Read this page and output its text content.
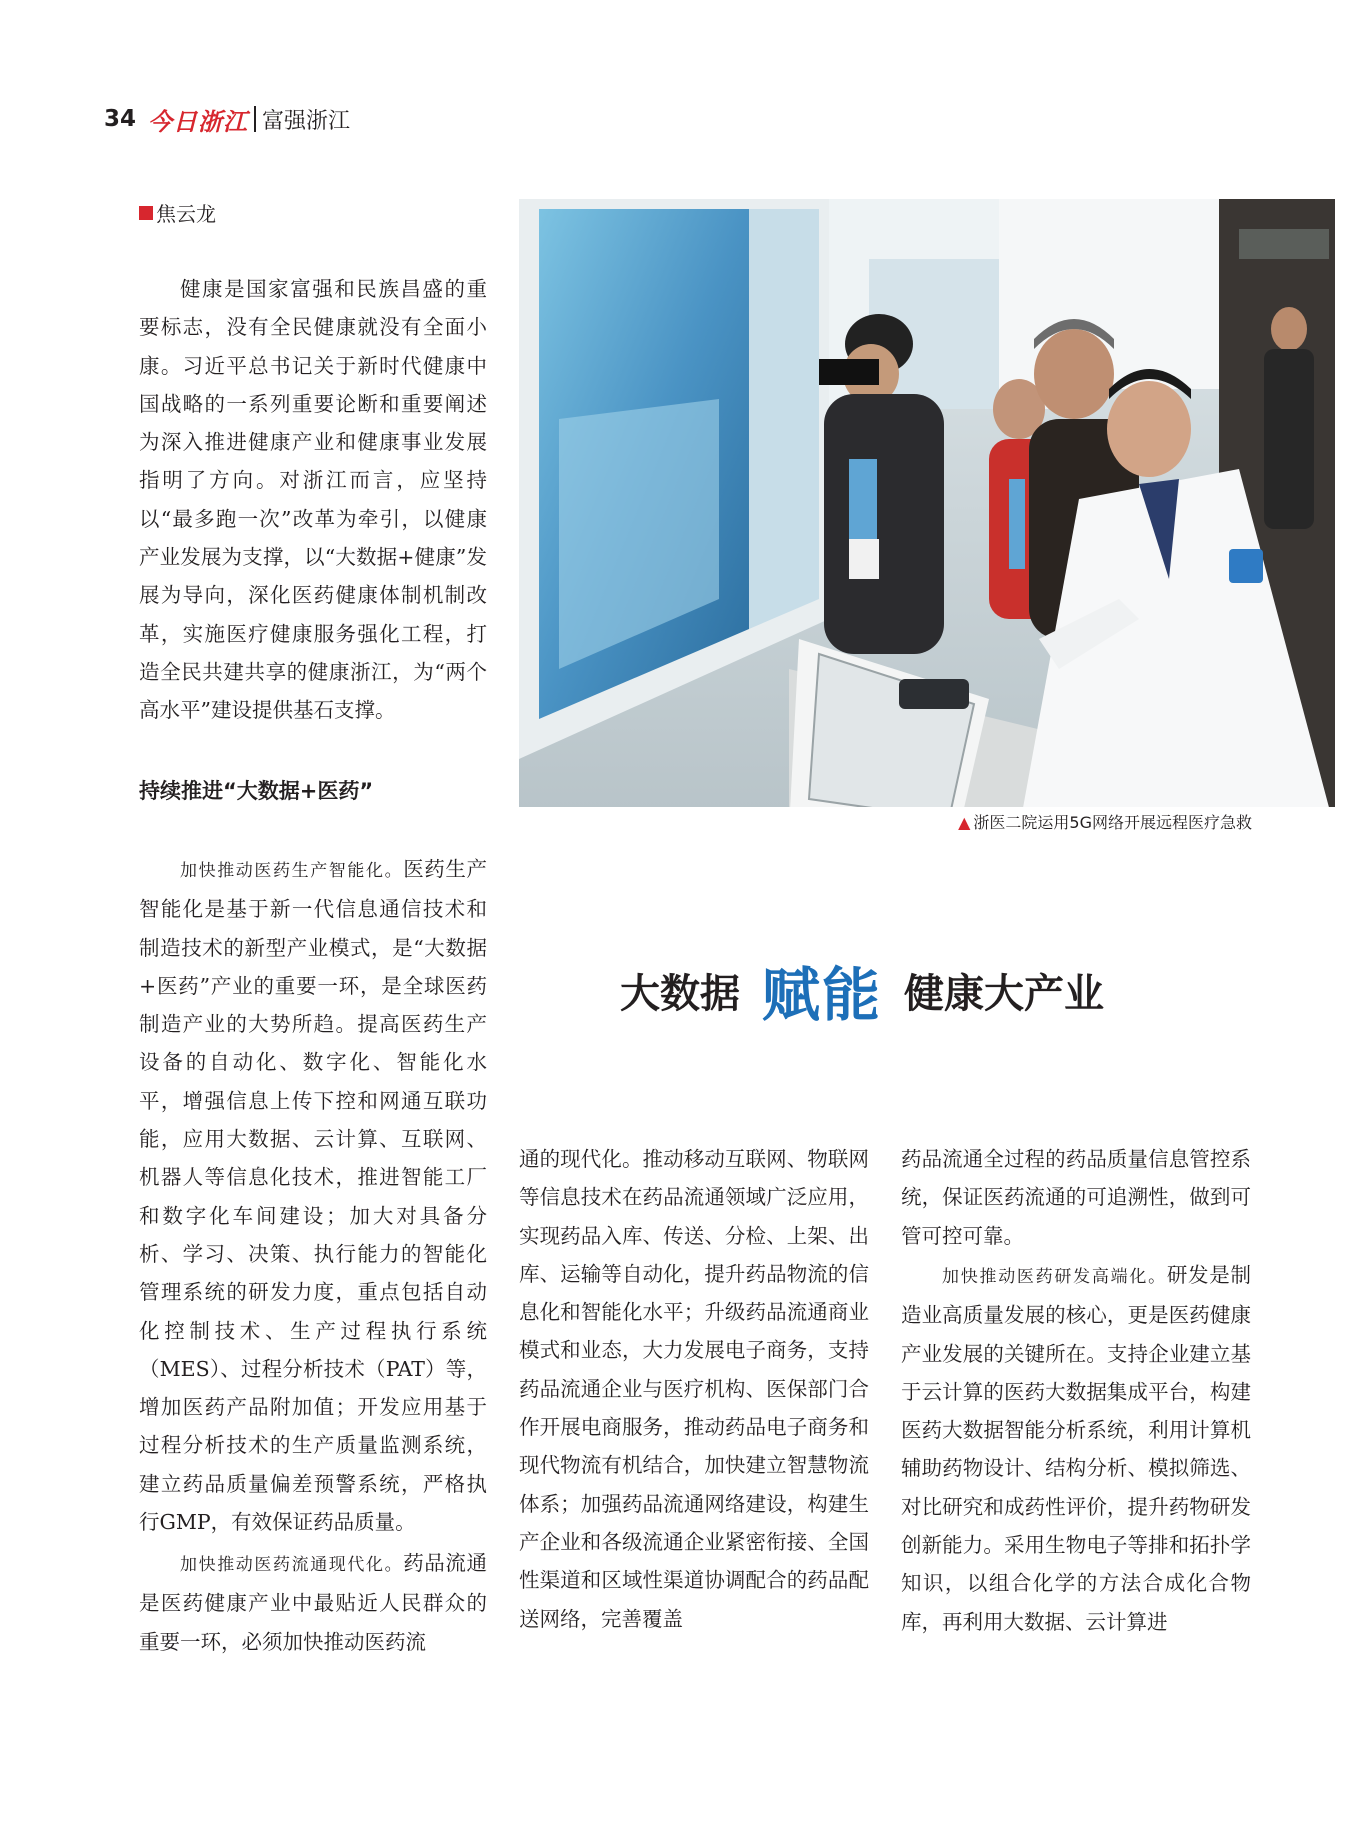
34 今日浙江 富强浙江
焦云龙

健康是国家富强和民族昌盛的重要标志，没有全民健康就没有全面小康。习近平总书记关于新时代健康中国战略的一系列重要论断和重要阐述为深入推进健康产业和健康事业发展指明了方向。对浙江而言，应坚持以“最多跑一次”改革为牵引，以健康产业发展为支撑，以“大数据+健康”发展为导向，深化医药健康体制机制改革，实施医疗健康服务强化工程，打造全民共建共享的健康浙江，为“两个高水平”建设提供基石支撑。

持续推进“大数据+医药”

加快推动医药生产智能化。医药生产智能化是基于新一代信息通信技术和制造技术的新型产业模式，是“大数据+医药”产业的重要一环，是全球医药制造产业的大势所趋。提高医药生产设备的自动化、数字化、智能化水平，增强信息上传下控和网通互联功能，应用大数据、云计算、互联网、机器人等信息化技术，推进智能工厂和数字化车间建设；加大对具备分析、学习、决策、执行能力的智能化管理系统的研发力度，重点包括自动化控制技术、生产过程执行系统（MES）、过程分析技术（PAT）等，增加医药产品附加值；开发应用基于过程分析技术的生产质量监测系统，建立药品质量偏差预警系统，严格执行GMP，有效保证药品质量。

加快推动医药流通现代化。药品流通是医药健康产业中最贴近人民群众的重要一环，必须加快推动医药流

▲ 浙医二院运用5G网络开展远程医疗急救
大数据 赋能 健康大产业

通的现代化。推动移动互联网、物联网等信息技术在药品流通领域广泛应用，实现药品入库、传送、分检、上架、出库、运输等自动化，提升药品物流的信息化和智能化水平；升级药品流通商业模式和业态，大力发展电子商务，支持药品流通企业与医疗机构、医保部门合作开展电商服务，推动药品电子商务和现代物流有机结合，加快建立智慧物流体系；加强药品流通网络建设，构建生产企业和各级流通企业紧密衔接、全国性渠道和区域性渠道协调配合的药品配送网络，完善覆盖

药品流通全过程的药品质量信息管控系统，保证医药流通的可追溯性，做到可管可控可靠。

加快推动医药研发高端化。研发是制造业高质量发展的核心，更是医药健康产业发展的关键所在。支持企业建立基于云计算的医药大数据集成平台，构建医药大数据智能分析系统，利用计算机辅助药物设计、结构分析、模拟筛选、对比研究和成药性评价，提升药物研发创新能力。采用生物电子等排和拓扑学知识，以组合化学的方法合成化合物库，再利用大数据、云计算进
